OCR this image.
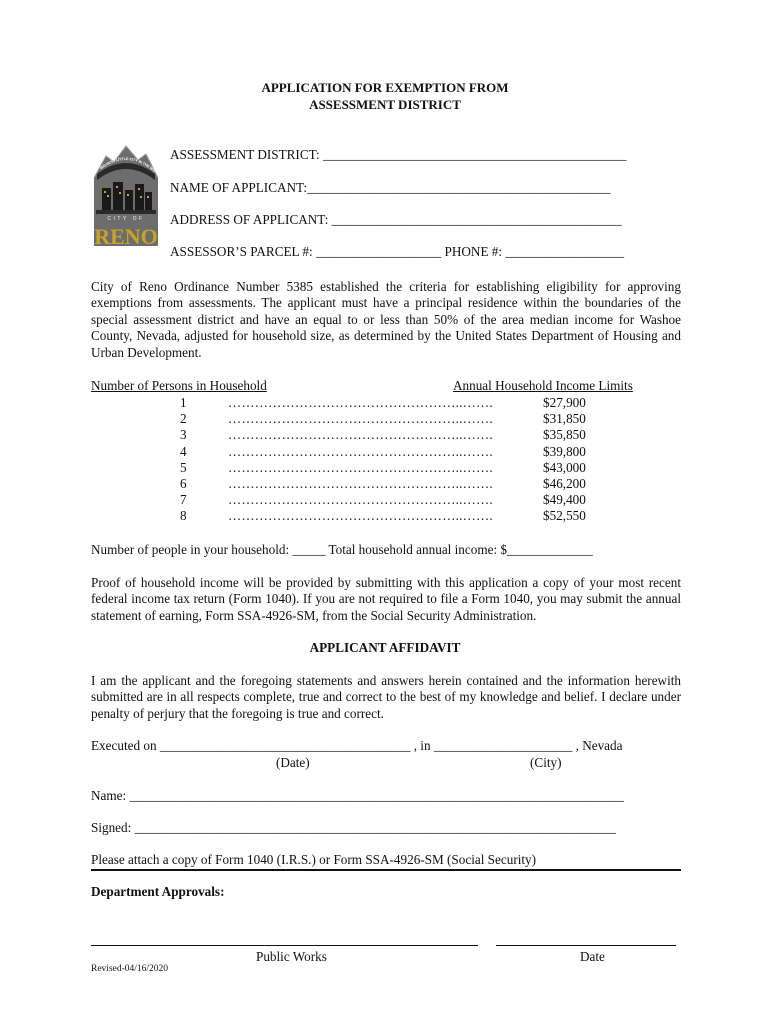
APPLICATION FOR EXEMPTION FROM
ASSESSMENT DISTRICT
BIGGEST LITTLE CITY IN THE WO
CITY OF
RENO
ASSESSMENT DISTRICT: ______________________________________________
NAME OF APPLICANT:______________________________________________
ADDRESS OF APPLICANT: ____________________________________________
ASSESSOR’S PARCEL #: ___________________ PHONE #: __________________
City of Reno Ordinance Number 5385 established the criteria for establishing eligibility for approving exemptions from assessments. The applicant must have a principal residence within the boundaries of the special assessment district and have an equal to or less than 50% of the area median income for Washoe County, Nevada, adjusted for household size, as determined by the United States Department of Housing and Urban Development.
Number of Persons in Household	Annual Household Income Limits
1	……………………………………………..…….	$27,900
2	……………………………………………..…….	$31,850
3	……………………………………………..…….	$35,850
4	……………………………………………..…….	$39,800
5	……………………………………………..…….	$43,000
6	……………………………………………..…….	$46,200
7	……………………………………………..…….	$49,400
8	……………………………………………..…….	$52,550
Number of people in your household: _____ Total household annual income: $_____________
Proof of household income will be provided by submitting with this application a copy of your most recent federal income tax return (Form 1040). If you are not required to file a Form 1040, you may submit the annual statement of earning, Form SSA-4926-SM, from the Social Security Administration.
APPLICANT AFFIDAVIT
I am the applicant and the foregoing statements and answers herein contained and the information herewith submitted are in all respects complete, true and correct to the best of my knowledge and belief. I declare under penalty of perjury that the foregoing is true and correct.
Executed on ______________________________________ , in _____________________ , Nevada
(Date)	(City)
Name: ___________________________________________________________________________
Signed: _________________________________________________________________________
Please attach a copy of Form 1040 (I.R.S.) or Form SSA-4926-SM (Social Security)
Department Approvals:
Public Works	Date
Revised-04/16/2020
